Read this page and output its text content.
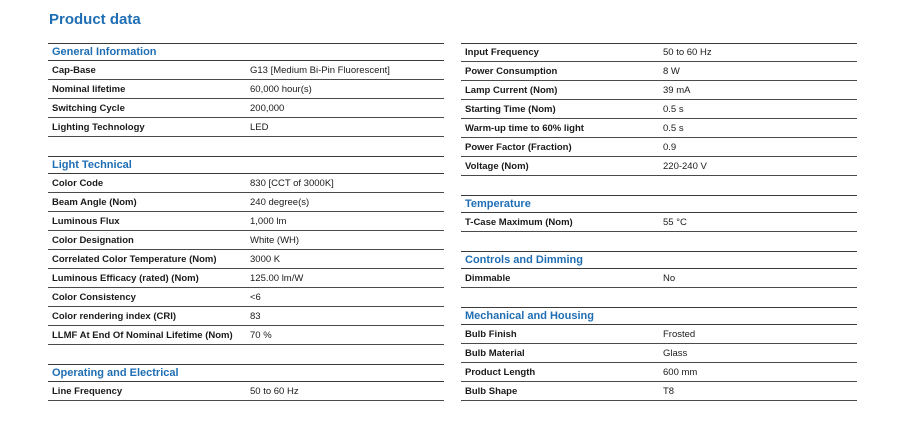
Product data
General Information
Cap-Base	G13 [Medium Bi-Pin Fluorescent]
Nominal lifetime	60,000 hour(s)
Switching Cycle	200,000
Lighting Technology	LED
Light Technical
Color Code	830 [CCT of 3000K]
Beam Angle (Nom)	240 degree(s)
Luminous Flux	1,000 lm
Color Designation	White (WH)
Correlated Color Temperature (Nom)	3000 K
Luminous Efficacy (rated) (Nom)	125.00 lm/W
Color Consistency	<6
Color rendering index (CRI)	83
LLMF At End Of Nominal Lifetime (Nom)	70 %
Operating and Electrical
Line Frequency	50 to 60 Hz
Input Frequency	50 to 60 Hz
Power Consumption	8 W
Lamp Current (Nom)	39 mA
Starting Time (Nom)	0.5 s
Warm-up time to 60% light	0.5 s
Power Factor (Fraction)	0.9
Voltage (Nom)	220-240 V
Temperature
T-Case Maximum (Nom)	55 °C
Controls and Dimming
Dimmable	No
Mechanical and Housing
Bulb Finish	Frosted
Bulb Material	Glass
Product Length	600 mm
Bulb Shape	T8
